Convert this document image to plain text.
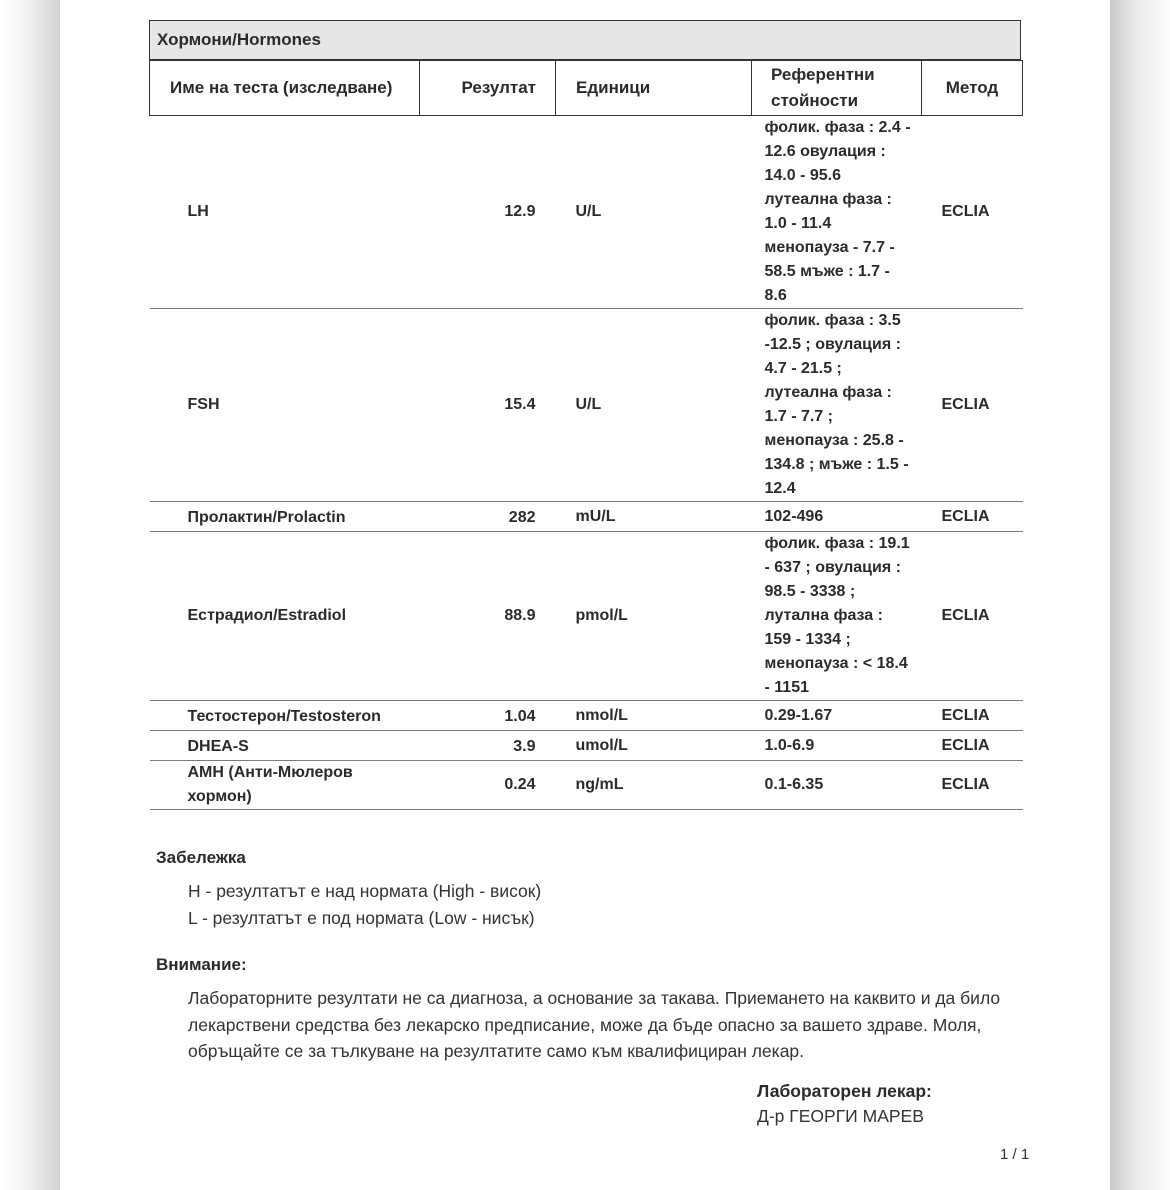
Хормони/Hormones
Име на теста (изследване)	Резултат	Единици	Референтни стойности	Метод
LH	12.9	U/L	фолик. фаза : 2.4 - 12.6 овулация : 14.0 - 95.6 лутеална фаза : 1.0 - 11.4 менопауза - 7.7 - 58.5 мъже : 1.7 - 8.6	ECLIA
FSH	15.4	U/L	фолик. фаза : 3.5 -12.5 ; овулация : 4.7 - 21.5 ; лутеална фаза : 1.7 - 7.7 ; менопауза : 25.8 - 134.8 ; мъже : 1.5 - 12.4	ECLIA
Пролактин/Prolactin	282	mU/L	102-496	ECLIA
Естрадиол/Estradiol	88.9	pmol/L	фолик. фаза : 19.1 - 637 ; овулация : 98.5 - 3338 ; лутална фаза : 159 - 1334 ; менопауза : < 18.4 - 1151	ECLIA
Тестостерон/Testosteron	1.04	nmol/L	0.29-1.67	ECLIA
DHEA-S	3.9	umol/L	1.0-6.9	ECLIA
AMH (Анти-Мюлеров хормон)	0.24	ng/mL	0.1-6.35	ECLIA
Забележка
H - резултатът е над нормата (High - висок)
L - резултатът е под нормата (Low - нисък)
Внимание:
Лабораторните резултати не са диагноза, а основание за такава. Приемането на каквито и да било лекарствени средства без лекарско предписание, може да бъде опасно за вашето здраве. Моля, обръщайте се за тълкуване на резултатите само към квалифициран лекар.
Лабораторен лекар:
Д-р ГЕОРГИ МАРЕВ
1 / 1
